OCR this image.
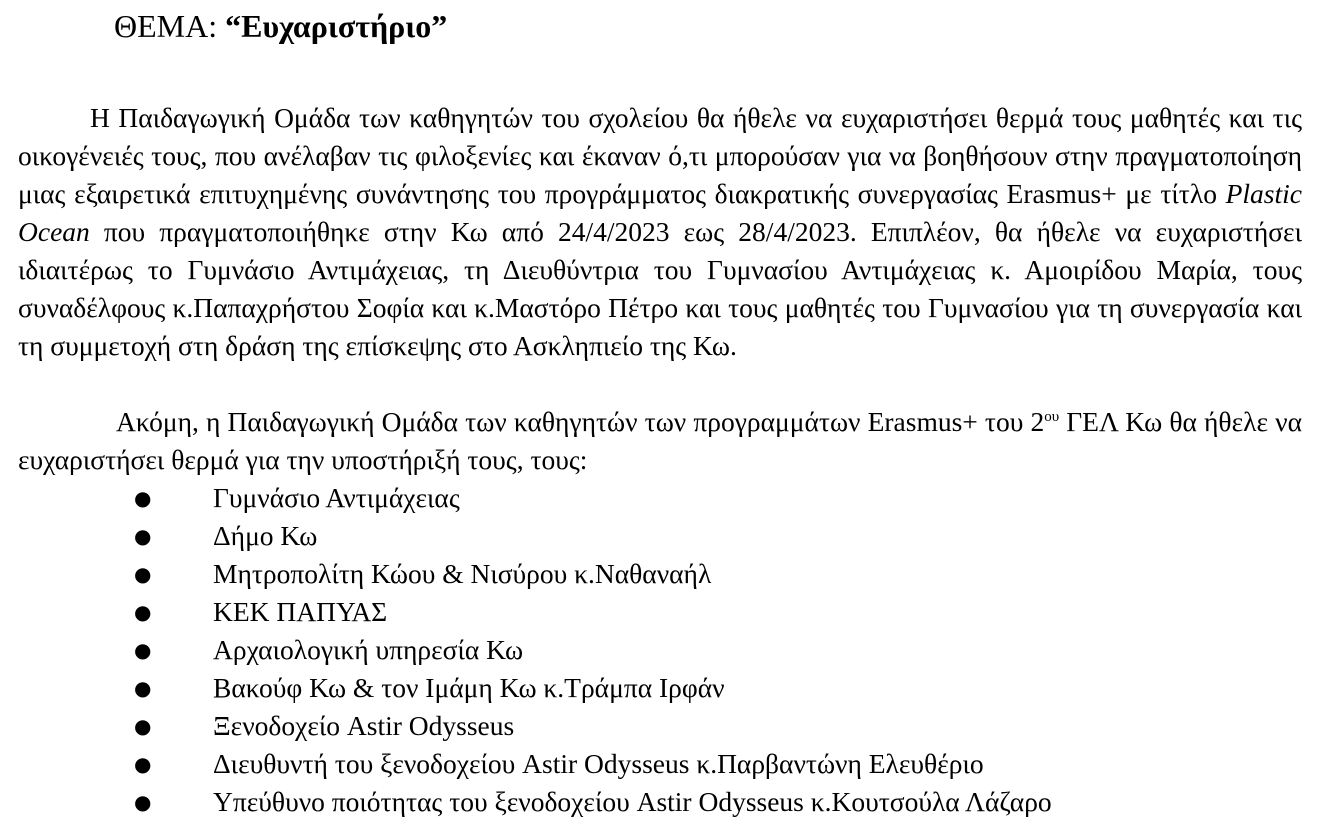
ΘΕΜΑ: “Ευχαριστήριο”

Η Παιδαγωγική Ομάδα των καθηγητών του σχολείου θα ήθελε να ευχαριστήσει θερμά τους μαθητές και τις οικογένειές τους, που ανέλαβαν τις φιλοξενίες και έκαναν ό,τι μπορούσαν για να βοηθήσουν στην πραγματοποίηση μιας εξαιρετικά επιτυχημένης συνάντησης του προγράμματος διακρατικής συνεργασίας Erasmus+ με τίτλο Plastic Ocean που πραγματοποιήθηκε στην Κω από 24/4/2023 εως 28/4/2023. Επιπλέον, θα ήθελε να ευχαριστήσει ιδιαιτέρως το Γυμνάσιο Αντιμάχειας, τη Διευθύντρια του Γυμνασίου Αντιμάχειας κ. Αμοιρίδου Μαρία, τους συναδέλφους κ.Παπαχρήστου Σοφία και κ.Μαστόρο Πέτρο και τους μαθητές του Γυμνασίου για τη συνεργασία και τη συμμετοχή στη δράση της επίσκεψης στο Ασκληπιείο της Κω.

Ακόμη, η Παιδαγωγική Ομάδα των καθηγητών των προγραμμάτων Erasmus+ του $2^{o\upsilon}$ ΓΕΛ Κω θα ήθελε να ευχαριστήσει θερμά για την υποστήριξή τους, τους:

● Γυμνάσιο Αντιμάχειας
● Δήμο Κω
● Μητροπολίτη Κώου & Νισύρου κ.Ναθαναήλ
● ΚΕΚ ΠΑΠΥΑΣ
● Αρχαιολογική υπηρεσία Κω
● Βακούφ Κω & τον Ιμάμη Κω κ.Τράμπα Ιρφάν
● Ξενοδοχείο Astir Odysseus
● Διευθυντή του ξενοδοχείου Astir Odysseus κ.Παρβαντώνη Ελευθέριο
● Υπεύθυνο ποιότητας του ξενοδοχείου Astir Odysseus κ.Κουτσούλα Λάζαρο
